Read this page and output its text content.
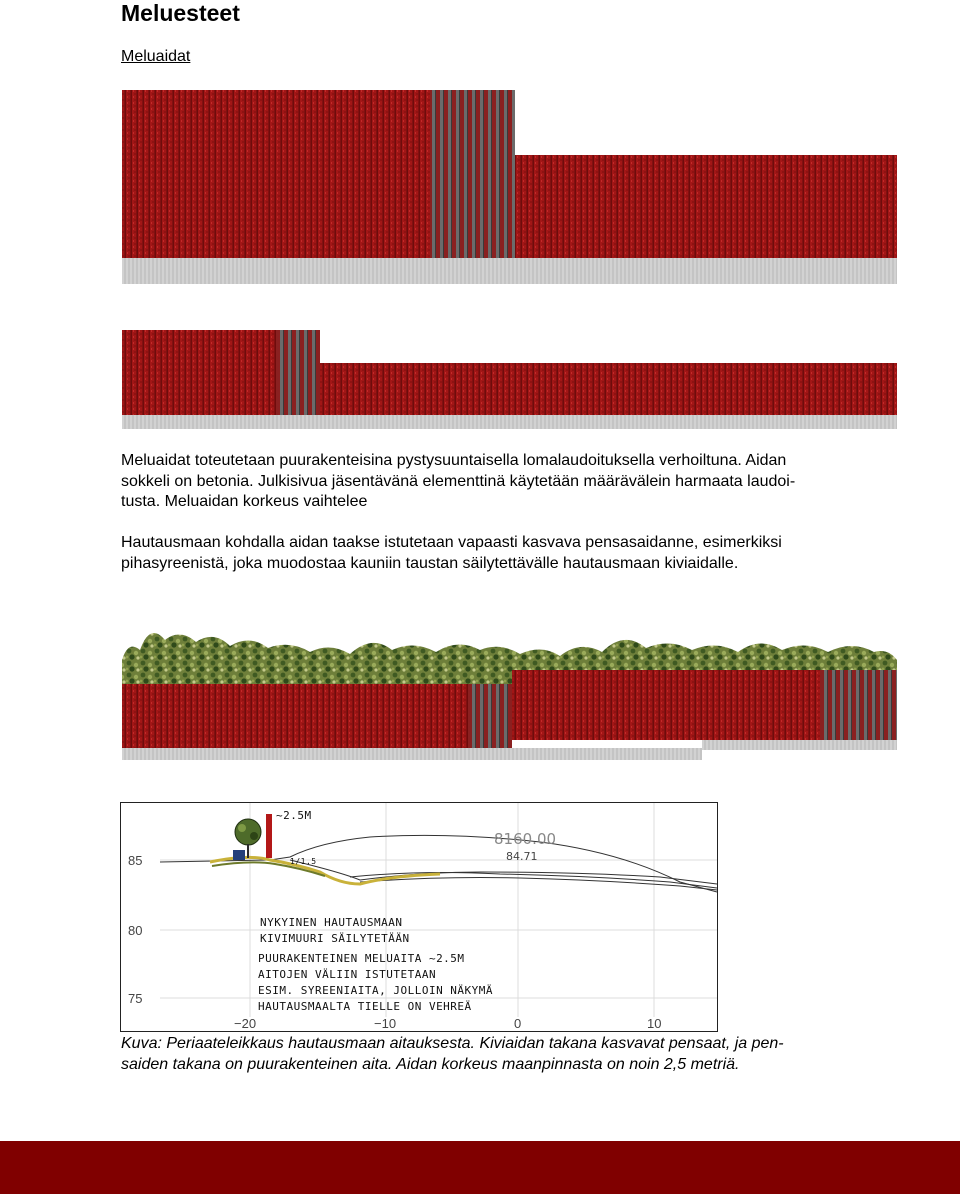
Meluesteet
Meluaidat
Meluaidat toteutetaan puurakenteisina pystysuuntaisella lomalaudoituksella verhoiltuna. Aidan
sokkeli on betonia. Julkisivua jäsentävänä elementtinä käytetään määrävälein harmaata laudoi-
tusta. Meluaidan korkeus vaihtelee
Hautausmaan kohdalla aidan taakse istutetaan vapaasti kasvava pensasaidanne, esimerkiksi
pihasyreenistä, joka muodostaa kauniin taustan säilytettävälle hautausmaan kiviaidalle.
85
80
75
−20	−10	0	10
~2.5M
1/1.5
8160.00
84.71
NYKYINEN HAUTAUSMAAN
KIVIMUURI SÄILYTETÄÄN
PUURAKENTEINEN MELUAITA ~2.5M
AITOJEN VÄLIIN ISTUTETAAN
ESIM. SYREENIAITA, JOLLOIN NÄKYMÄ
HAUTAUSMAALTA TIELLE ON VEHREÄ
Kuva: Periaateleikkaus hautausmaan aitauksesta. Kiviaidan takana kasvavat pensaat, ja pen-
saiden takana on puurakenteinen aita. Aidan korkeus maanpinnasta on noin 2,5 metriä.
